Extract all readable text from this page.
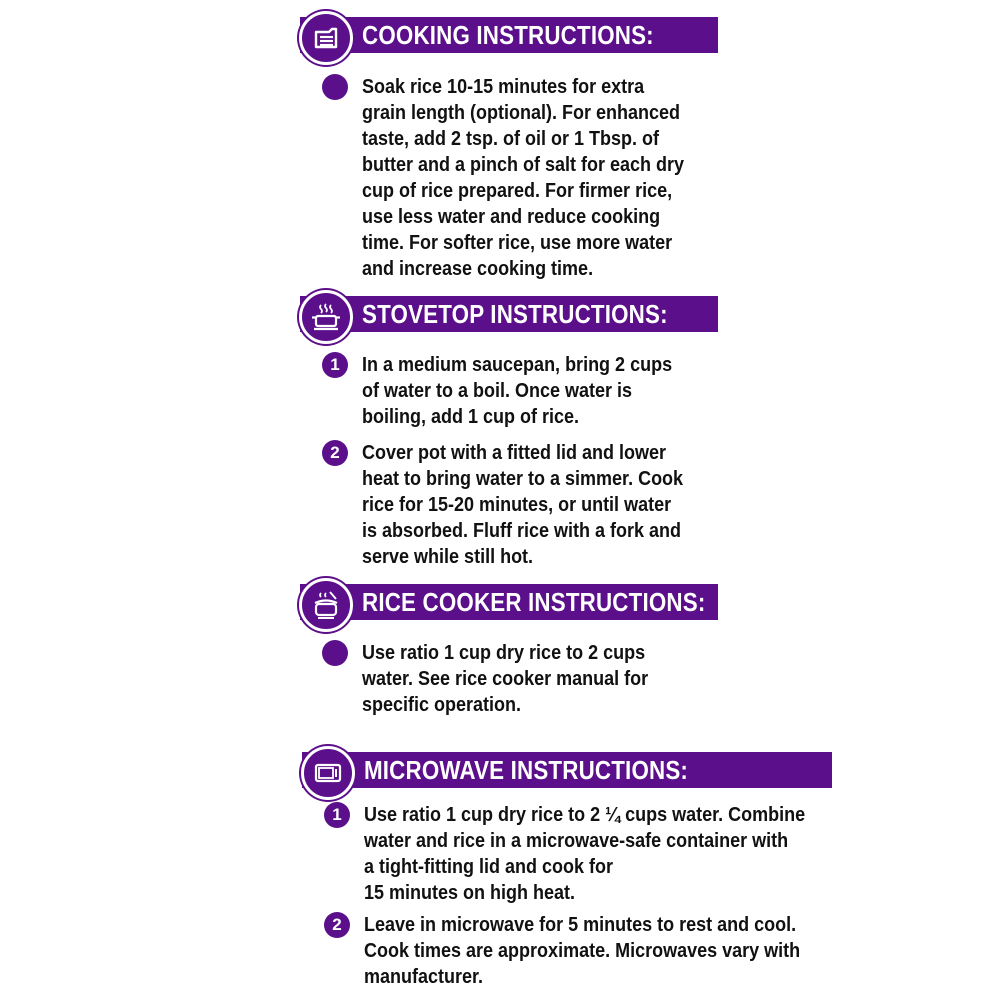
COOKING INSTRUCTIONS:
Soak rice 10-15 minutes for extra
grain length (optional). For enhanced
taste, add 2 tsp. of oil or 1 Tbsp. of
butter and a pinch of salt for each dry
cup of rice prepared. For firmer rice,
use less water and reduce cooking
time. For softer rice, use more water
and increase cooking time.
STOVETOP INSTRUCTIONS:
1	In a medium saucepan, bring 2 cups
of water to a boil. Once water is
boiling, add 1 cup of rice.
2	Cover pot with a fitted lid and lower
heat to bring water to a simmer. Cook
rice for 15-20 minutes, or until water
is absorbed. Fluff rice with a fork and
serve while still hot.
RICE COOKER INSTRUCTIONS:
Use ratio 1 cup dry rice to 2 cups
water. See rice cooker manual for
specific operation.
MICROWAVE INSTRUCTIONS:
1	Use ratio 1 cup dry rice to 2 ¼ cups water. Combine
water and rice in a microwave-safe container with
a tight-fitting lid and cook for
15 minutes on high heat.
2	Leave in microwave for 5 minutes to rest and cool.
Cook times are approximate. Microwaves vary with
manufacturer.
